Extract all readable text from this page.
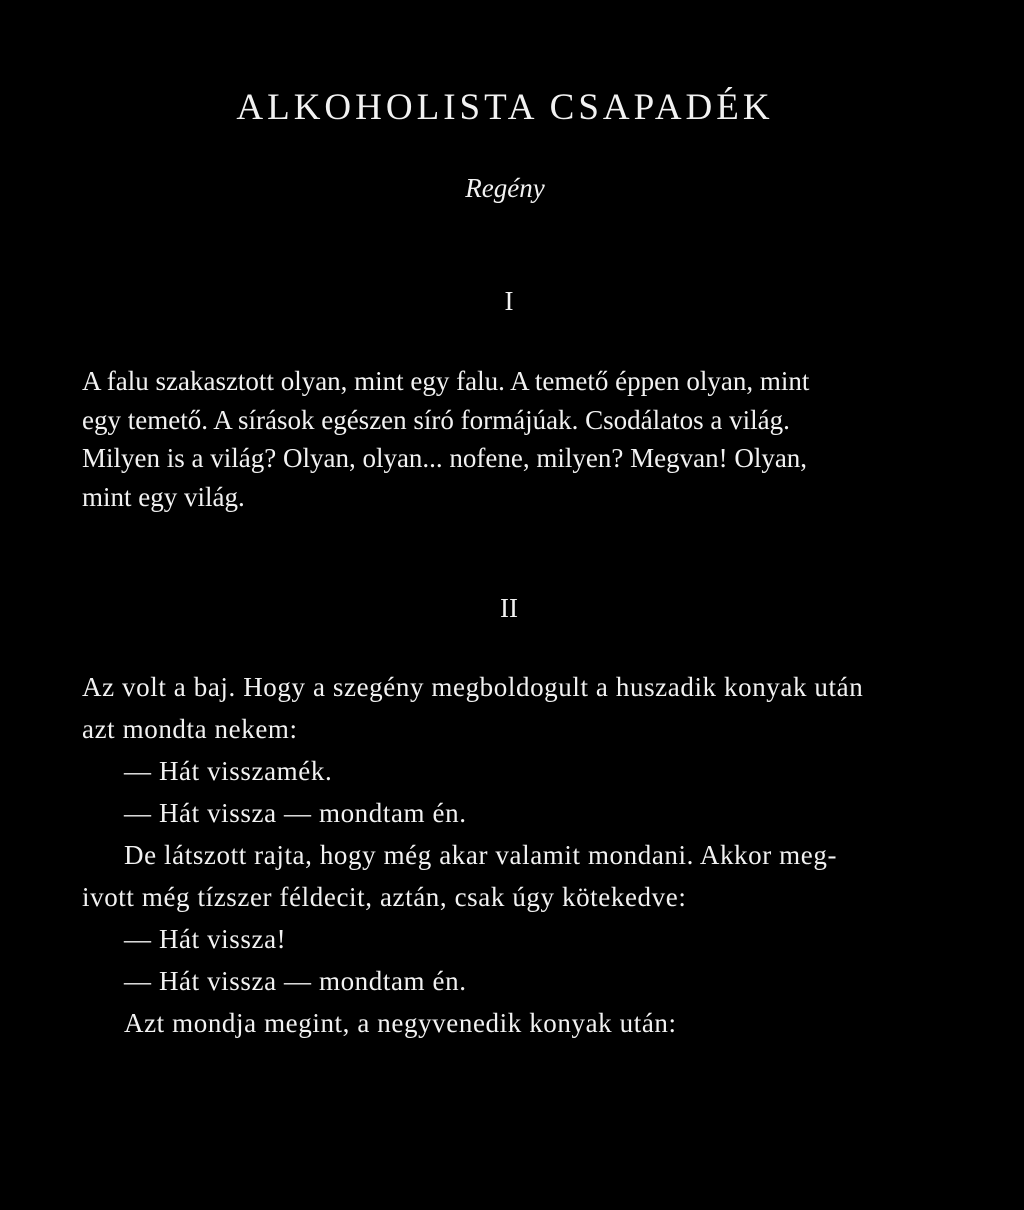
ALKOHOLISTA CSAPADÉK
Regény
I

A falu szakasztott olyan, mint egy falu. A temető éppen olyan, mint
egy temető. A sírások egészen síró formájúak. Csodálatos a világ.
Milyen is a világ? Olyan, olyan... nofene, milyen? Megvan! Olyan,
mint egy világ.

II

Az volt a baj. Hogy a szegény megboldogult a huszadik konyak után
azt mondta nekem:
— Hát visszamék.
— Hát vissza — mondtam én.
De látszott rajta, hogy még akar valamit mondani. Akkor meg-
ivott még tízszer féldecit, aztán, csak úgy kötekedve:
— Hát vissza!
— Hát vissza — mondtam én.
Azt mondja megint, a negyvenedik konyak után:
